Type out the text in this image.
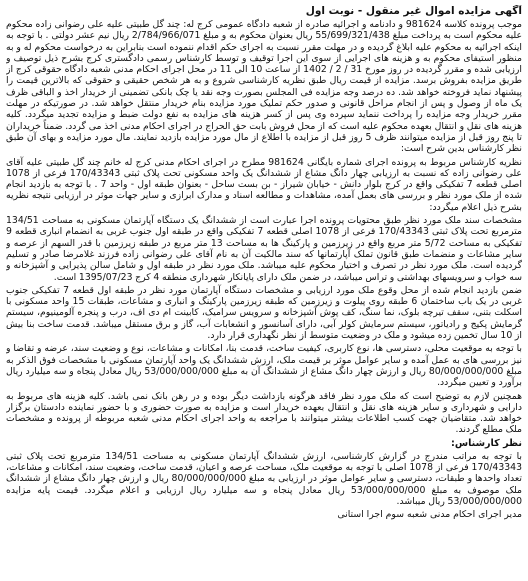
آگهی مزایده اموال غیر منقول - نوبت اول

موجب پرونده کلاسه 981624 و دادنامه و اجرائیه صادره از شعبه دادگاه عمومی کرج له: چند گل طبیتی علیه علی رضوانی زاده محکوم علیه محکوم است به پرداخت مبلغ 55/699/321/438 ریال بعنوان محکوم به و مبلغ 2/784/966/071 ریال نیم عشر دولتی . با توجه به اینکه اجرائیه به محکوم علیه ابلاغ گردیده و در مهلت مقرر نسبت به اجرای حکم اقدام ننموده است بنابراین به درخواست محکوم له و به منظور استیفای محکوم به و هزینه های اجرایی از سوی این اجرا توقیف و توسط کارشناس رسمی دادگستری کرج بشرح ذیل توصیف و ارزیابی شده و مقرر گردیده در روز مورخ 31 / 2 / 1402 از ساعت 10 الی 11 در محل اجرای احکام مدنی شعبه دادگاه حقوقی کرج از طریق مزایده بفروش برسد. مزایده از قیمت ریال طبق نظریه کارشناسی شروع و به هر شخص حقیقی و حقوقی که بالاترین قیمت را پیشنهاد نماید فروخته خواهد شد. ده درصد وجه مزایده فی المجلس بصورت وجه نقد یا چک بانکی تضمینی از خریدار اخذ و الباقی ظرف یک ماه از وصول و پس از انجام مراحل قانونی و صدور حکم تملیک مورد مزایده بنام خریدار منتقل خواهد شد. در صورتیکه در مهلت مقرر خریدار وجه مزایده را پرداخت ننماید سپرده وی پس از کسر هزینه های مزایده به نفع دولت ضبط و مزایده تجدید میگردد. کلیه هزینه های نقل و انتقال بعهده محکوم علیه است که از محل فروش بابت حق الحراج در اجرای احکام مدنی اخذ می گردد. ضمناً خریداران تا پنج روز قبل از مزایده میتوانند ظرف 5 روز قبل از مزایده با اطلاع از مال مورد مزایده بازدید نمایند. مال مورد مزایده و بهای آن طبق نظر کارشناس بدین شرح است:

نظریه کارشناس مربوط به پرونده اجرای شماره بایگانی 981624 مطرح در اجرای احکام مدنی کرج له خانم چند گل طبیتی علیه آقای علی رضوانی زاده که نسبت به ارزیابی چهار دانگ مشاع از ششدانگ یک واحد مسکونی تحت پلاک ثبتی 170/43343 فرعی از 1078 اصلی قطعه 7 تفکیکی واقع در کرج بلوار دانش - خیابان شیراز - بن بست ساحل - بعنوان طبقه اول - واحد 7 . با توجه به بازدید انجام شده از ملک مورد نظر و بررسی های بعمل آمده، مشاهدات و مطالعه اسناد و مدارک ابرازی و سایر جهات موثر در ارزیابی نتیجه نظریه بشرح ذیل اعلام میگردد:

مشخصات سند ملک مورد نظر طبق محتویات پرونده اجرا عبارت است از ششدانگ یک دستگاه آپارتمان مسکونی به مساحت 134/51 مترمربع تحت پلاک ثبتی 170/43343 فرعی از 1078 اصلی قطعه 7 تفکیکی واقع در طبقه اول جنوب غربی به انضمام انباری قطعه 9 تفکیکی به مساحت 5/72 متر مربع واقع در زیرزمین و پارکینگ ها به مساحت 13 متر مربع در طبقه زیرزمین با قدر السهم از عرصه و سایر مشاعات و منضمات طبق قانون تملک آپارتمانها که سند مالکیت آن به نام آقای علی رضوانی زاده فرزند غلامرضا صادر و تسلیم گردیده است. ملک مورد نظر در تصرف و اختیار محکوم علیه میباشد. ملک مورد نظر در طبقه اول و شامل سالن پذیرایی و آشپزخانه و سه خواب و سرویسهای بهداشتی و تراس میباشد، در ضمن ملک دارای پایانکار شهرداری منطقه 4 کرج 1395/07/23 است.

ضمن بازدید انجام شده از محل وقوع ملک مورد ارزیابی و مشخصات دستگاه آپارتمان مورد نظر در طبقه اول قطعه 7 تفکیکی جنوب غربی در یک باب ساختمان 6 طبقه روی پیلوت و زیرزمین که طبقه زیرزمین پارکینگ و انباری و مشاعات، طبقات 15 واحد مسکونی با اسکلت بتنی، سقف تیرچه بلوک، نما سنگ، کف پوش آشپزخانه و سرویس سرامیک، کابینت ام دی اف، درب و پنجره آلومینیوم، سیستم گرمایش پکیج و رادیاتور، سیستم سرمایش کولر آبی، دارای آسانسور و انشعابات آب، گاز و برق مستقل میباشد. قدمت ساخت بنا بیش از 10 سال تخمین زده میشود و ملک در وضعیت متوسط از نظر نگهداری قرار دارد.

با توجه به موقعیت محلی، دسترسی ها، نوع کاربری، کیفیت ساخت، قدمت بنا، امکانات و مشاعات، نوع و وضعیت سند، عرضه و تقاضا و نیز بررسی های به عمل آمده و سایر عوامل موثر بر قیمت ملک، ارزش ششدانگ یک واحد آپارتمان مسکونی با مشخصات فوق الذکر به مبلغ 80/000/000/000 ریال و ارزش چهار دانگ مشاع از ششدانگ آن به مبلغ 53/000/000/000 ریال معادل پنجاه و سه میلیارد ریال برآورد و تعیین میگردد.

همچنین لازم به توضیح است که ملک مورد نظر فاقد هرگونه بازداشت دیگر بوده و در رهن بانک نمی باشد. کلیه هزینه های مربوط به دارایی و شهرداری و سایر هزینه های نقل و انتقال بعهده خریدار است و مزایده به صورت حضوری و با حضور نماینده دادستان برگزار خواهد شد. متقاضیان جهت کسب اطلاعات بیشتر میتوانند با مراجعه به واحد اجرای احکام مدنی شعبه مربوطه از پرونده و مشخصات ملک مطلع گردند.

نظر کارشناس:

با توجه به مراتب مندرج در گزارش کارشناسی، ارزش ششدانگ آپارتمان مسکونی به مساحت 134/51 مترمربع تحت پلاک ثبتی 170/43343 فرعی از 1078 اصلی با توجه به موقعیت ملک، مساحت عرصه و اعیان، قدمت ساخت، وضعیت سند، امکانات و مشاعات، تعداد واحدها و طبقات، دسترسی و سایر عوامل موثر در ارزیابی به مبلغ 80/000/000/000 ریال و ارزش چهار دانگ مشاع از ششدانگ ملک موصوف به مبلغ 53/000/000/000 ریال معادل پنجاه و سه میلیارد ریال ارزیابی و اعلام میگردد. قیمت پایه مزایده 53/000/000/000 ریال میباشد.

مدیر اجرای احکام مدنی شعبه سوم اجرا استانی
